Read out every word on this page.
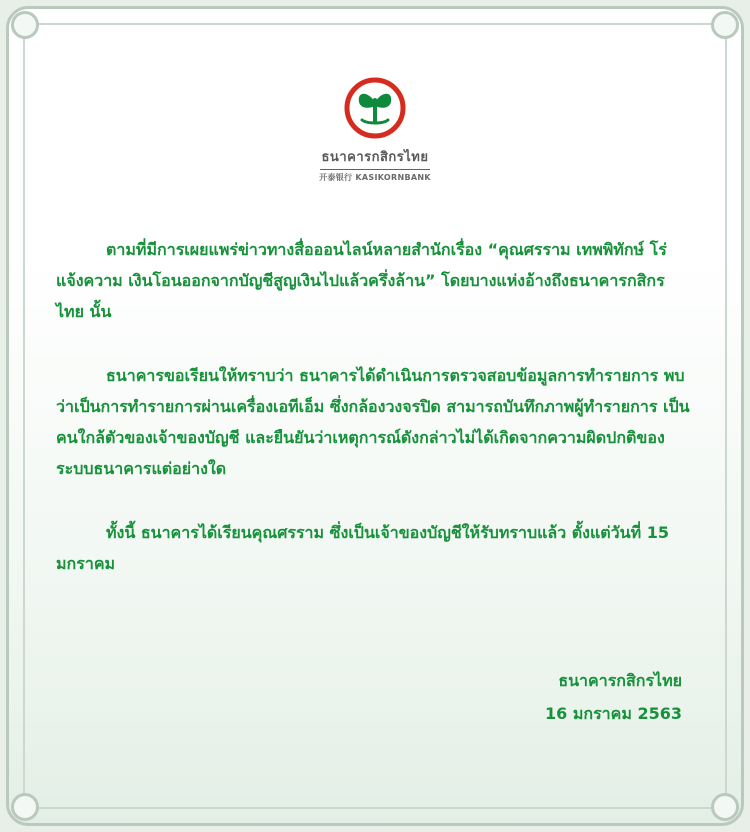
ธนาคารกสิกรไทย
开泰银行 KASIKORNBANK

ตามที่มีการเผยแพร่ข่าวทางสื่อออนไลน์หลายสำนักเรื่อง “คุณศรราม เทพพิทักษ์ โร่แจ้งความ เงินโอนออกจากบัญชีสูญเงินไปแล้วครึ่งล้าน” โดยบางแห่งอ้างถึงธนาคารกสิกรไทย นั้น

ธนาคารขอเรียนให้ทราบว่า ธนาคารได้ดำเนินการตรวจสอบข้อมูลการทำรายการ พบว่าเป็นการทำรายการผ่านเครื่องเอทีเอ็ม ซึ่งกล้องวงจรปิด สามารถบันทึกภาพผู้ทำรายการ เป็นคนใกล้ตัวของเจ้าของบัญชี และยืนยันว่าเหตุการณ์ดังกล่าวไม่ได้เกิดจากความผิดปกติของระบบธนาคารแต่อย่างใด

ทั้งนี้ ธนาคารได้เรียนคุณศรราม ซึ่งเป็นเจ้าของบัญชีให้รับทราบแล้ว ตั้งแต่วันที่ 15 มกราคม

ธนาคารกสิกรไทย
16 มกราคม 2563
